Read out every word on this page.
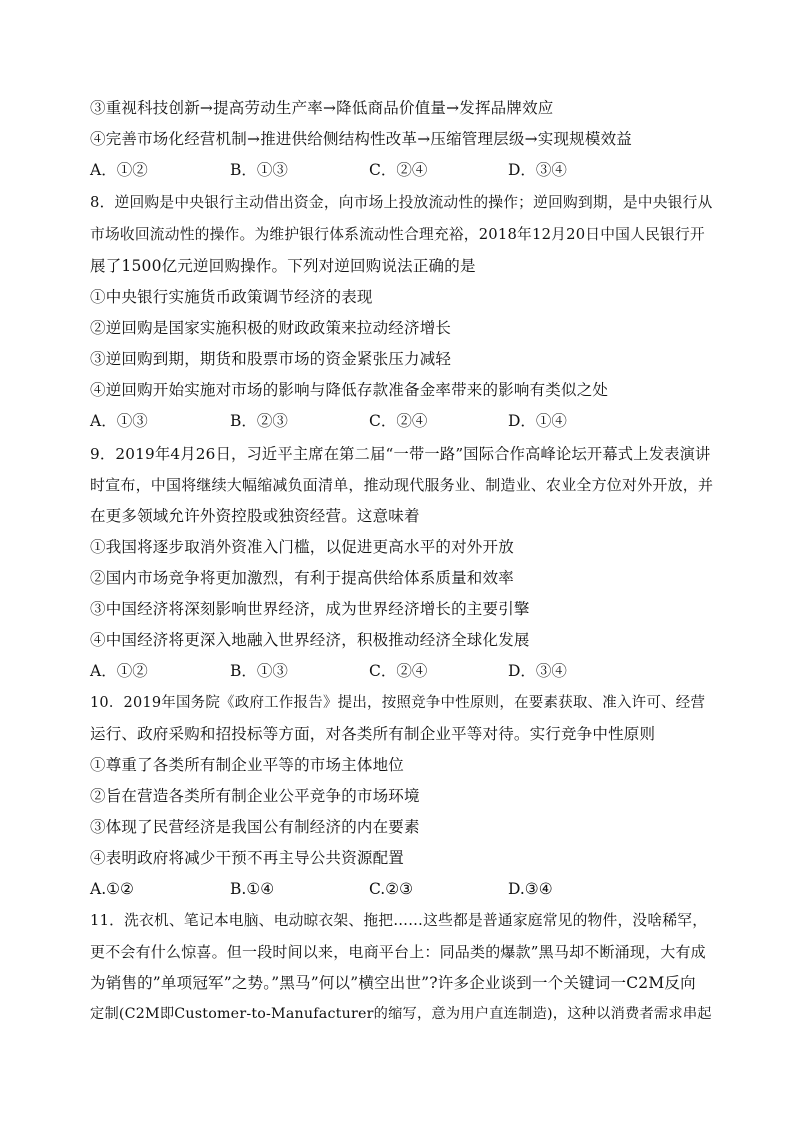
③重视科技创新→提高劳动生产率→降低商品价值量→发挥品牌效应
④完善市场化经营机制→推进供给侧结构性改革→压缩管理层级→实现规模效益
A．①②	B．①③	C．②④	D．③④
8．逆回购是中央银行主动借出资金，向市场上投放流动性的操作；逆回购到期，是中央银行从
市场收回流动性的操作。为维护银行体系流动性合理充裕，2018年12月20日中国人民银行开
展了1500亿元逆回购操作。下列对逆回购说法正确的是
①中央银行实施货币政策调节经济的表现
②逆回购是国家实施积极的财政政策来拉动经济增长
③逆回购到期，期货和股票市场的资金紧张压力减轻
④逆回购开始实施对市场的影响与降低存款准备金率带来的影响有类似之处
A．①③	B．②③	C．②④	D．①④
9．2019年4月26日，习近平主席在第二届“一带一路”国际合作高峰论坛开幕式上发表演讲
时宣布，中国将继续大幅缩减负面清单，推动现代服务业、制造业、农业全方位对外开放，并
在更多领域允许外资控股或独资经营。这意味着
①我国将逐步取消外资准入门槛，以促进更高水平的对外开放
②国内市场竞争将更加激烈，有利于提高供给体系质量和效率
③中国经济将深刻影响世界经济，成为世界经济增长的主要引擎
④中国经济将更深入地融入世界经济，积极推动经济全球化发展
A．①②	B．①③	C．②④	D．③④
10．2019年国务院《政府工作报告》提出，按照竞争中性原则，在要素获取、准入许可、经营
运行、政府采购和招投标等方面，对各类所有制企业平等对待。实行竞争中性原则
①尊重了各类所有制企业平等的市场主体地位
②旨在营造各类所有制企业公平竞争的市场环境
③体现了民营经济是我国公有制经济的内在要素
④表明政府将减少干预不再主导公共资源配置
A.①②	B.①④	C.②③	D.③④
11．洗衣机、笔记本电脑、电动晾衣架、拖把……这些都是普通家庭常见的物件，没啥稀罕，
更不会有什么惊喜。但一段时间以来，电商平台上：同品类的爆款”黑马却不断涌现，大有成
为销售的”单项冠军”之势。”黑马”何以”横空出世”?许多企业谈到一个关键词一C2M反向
定制(C2M即Customer-to-Manufacturer的缩写，意为用户直连制造)，这种以消费者需求串起
